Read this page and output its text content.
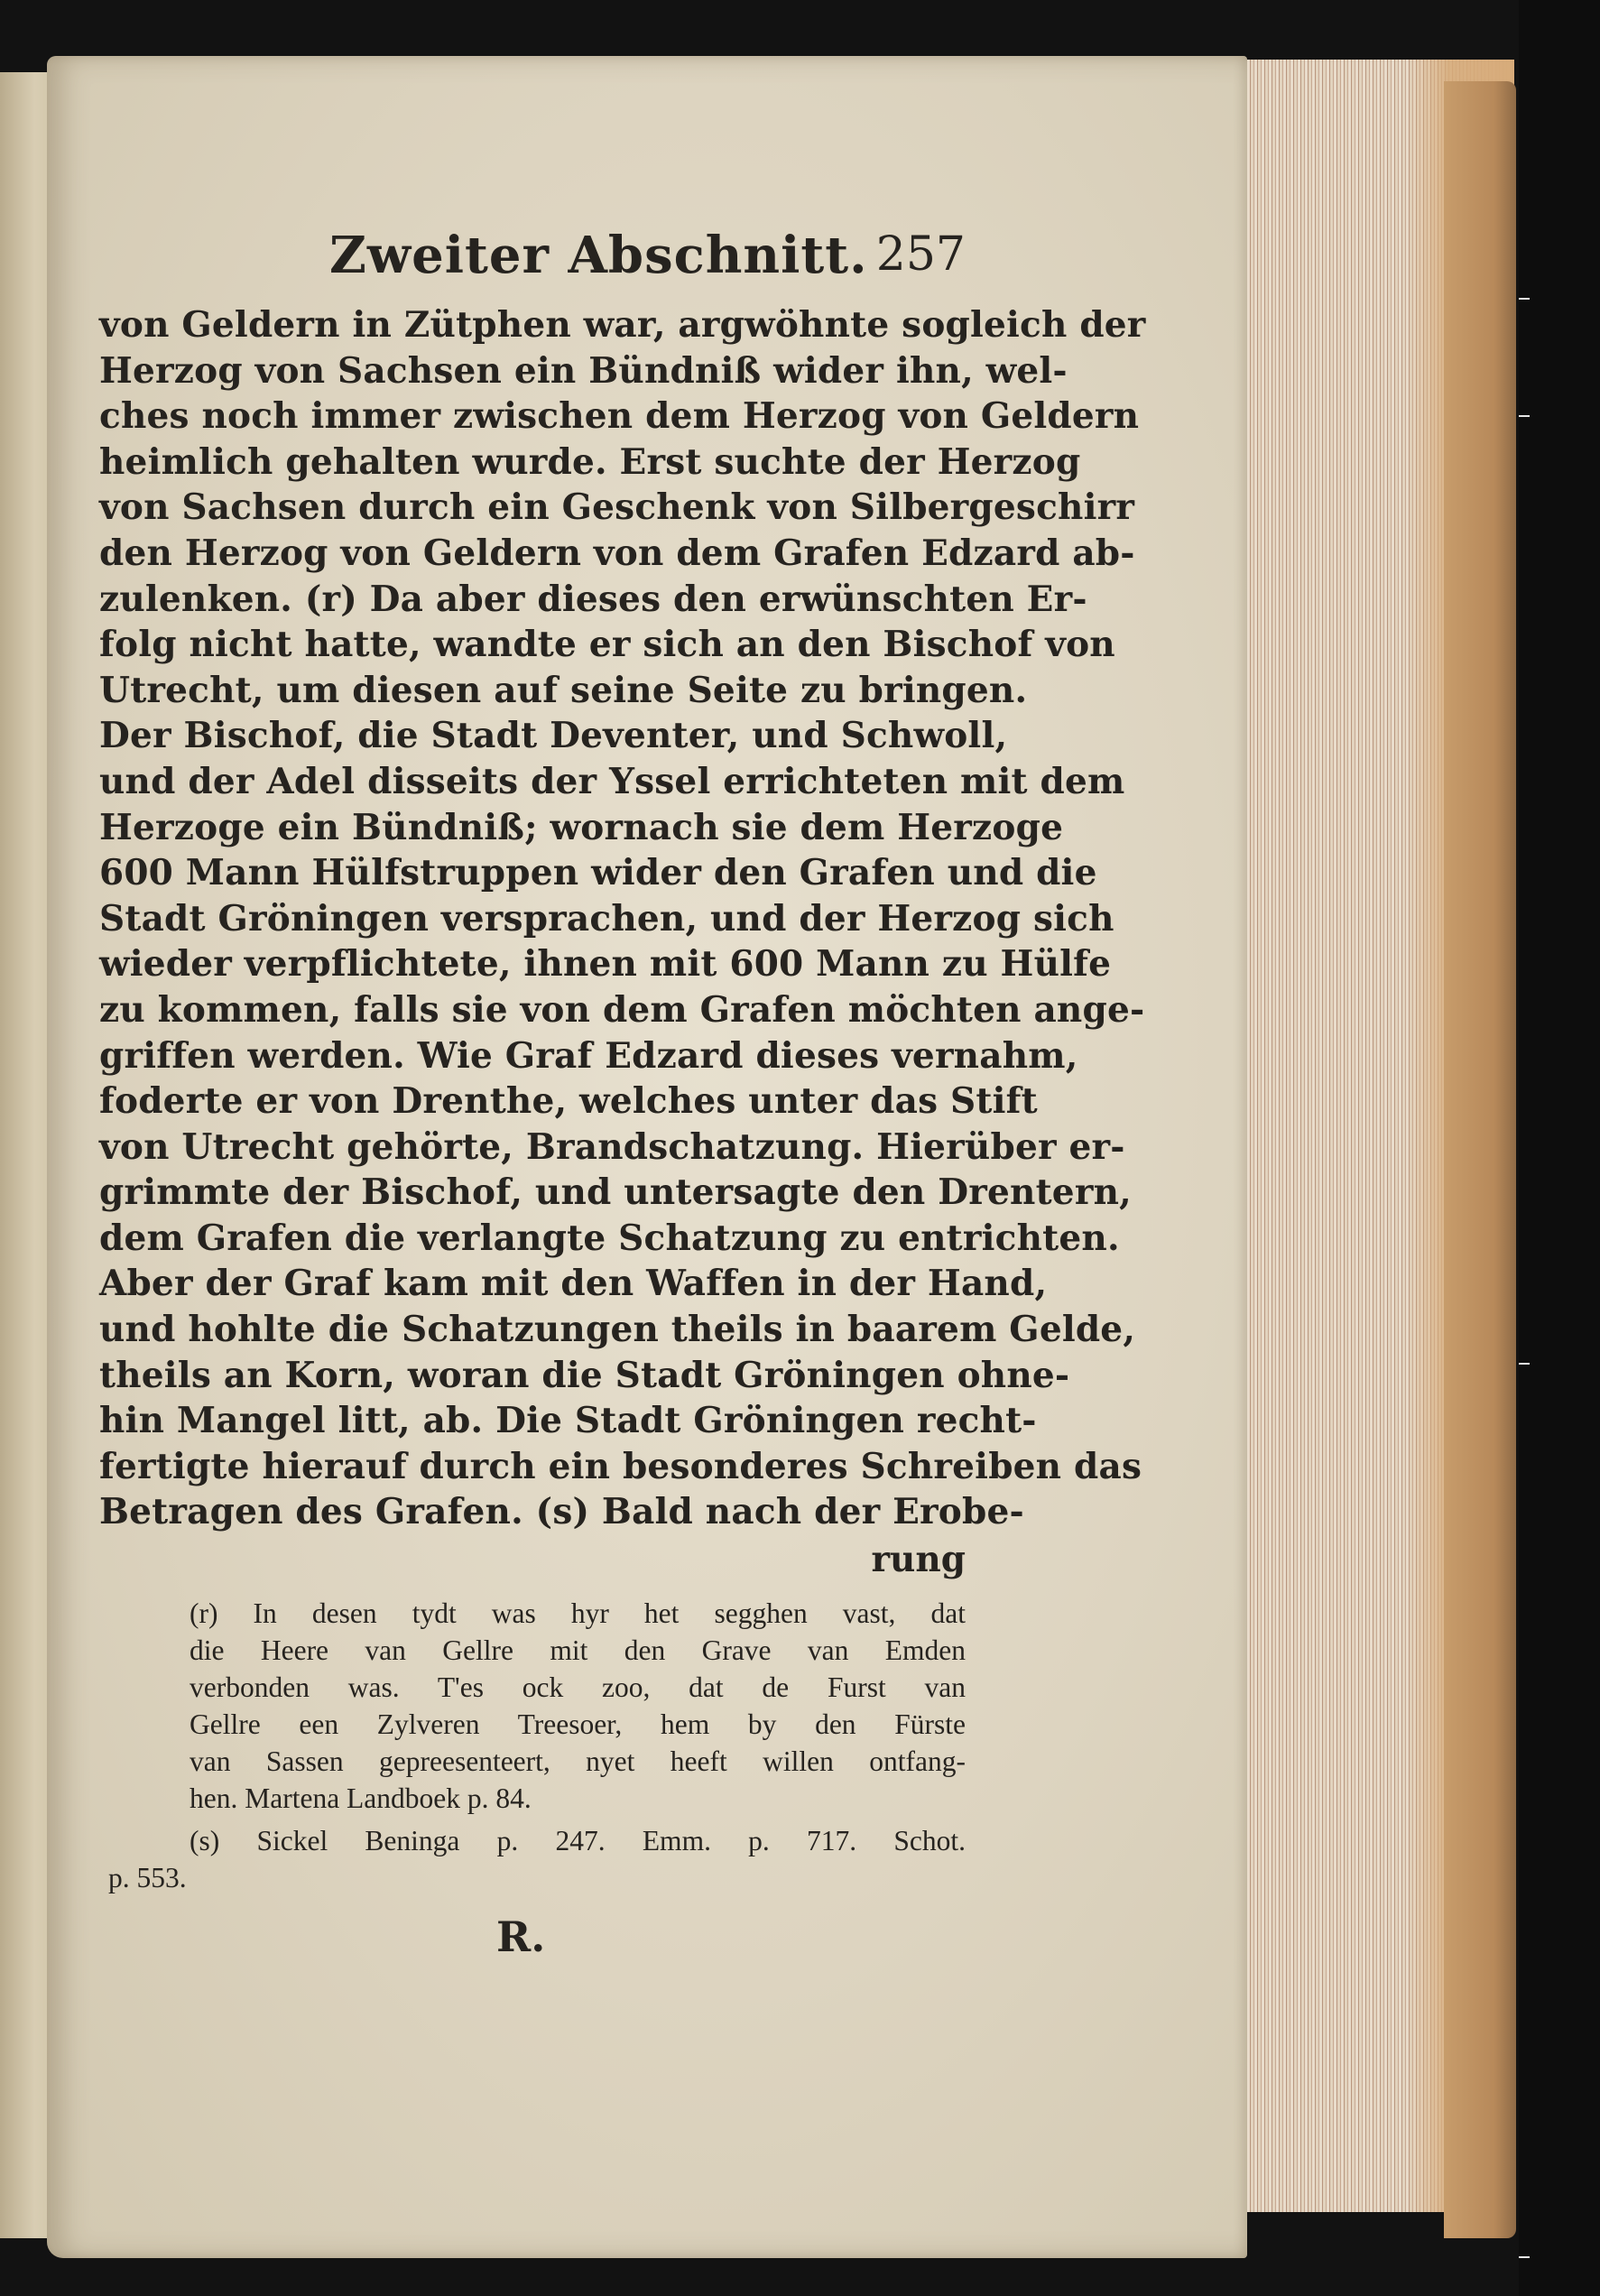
Zweiter Abschnitt. 257
von Geldern in Zütphen war, argwöhnte sogleich der
Herzog von Sachsen ein Bündniß wider ihn, wel-
ches noch immer zwischen dem Herzog von Geldern
heimlich gehalten wurde. Erst suchte der Herzog
von Sachsen durch ein Geschenk von Silbergeschirr
den Herzog von Geldern von dem Grafen Edzard ab-
zulenken. (r) Da aber dieses den erwünschten Er-
folg nicht hatte, wandte er sich an den Bischof von
Utrecht, um diesen auf seine Seite zu bringen.
Der Bischof, die Stadt Deventer, und Schwoll,
und der Adel disseits der Yssel errichteten mit dem
Herzoge ein Bündniß; wornach sie dem Herzoge
600 Mann Hülfstruppen wider den Grafen und die
Stadt Gröningen versprachen, und der Herzog sich
wieder verpflichtete, ihnen mit 600 Mann zu Hülfe
zu kommen, falls sie von dem Grafen möchten ange-
griffen werden. Wie Graf Edzard dieses vernahm,
foderte er von Drenthe, welches unter das Stift
von Utrecht gehörte, Brandschatzung. Hierüber er-
grimmte der Bischof, und untersagte den Drentern,
dem Grafen die verlangte Schatzung zu entrichten.
Aber der Graf kam mit den Waffen in der Hand,
und hohlte die Schatzungen theils in baarem Gelde,
theils an Korn, woran die Stadt Gröningen ohne-
hin Mangel litt, ab. Die Stadt Gröningen recht-
fertigte hierauf durch ein besonderes Schreiben das
Betragen des Grafen. (s) Bald nach der Erobe-
rung
(r) In desen tydt was hyr het segghen vast, dat
die Heere van Gellre mit den Grave van Emden
verbonden was. T'es ock zoo, dat de Furst van
Gellre een Zylveren Treesoer, hem by den Fürste
van Sassen gepreesenteert, nyet heeft willen ontfang-
hen. Martena Landboek p. 84.
(s) Sickel Beninga p. 247. Emm. p. 717. Schot.
p. 553.
R.
